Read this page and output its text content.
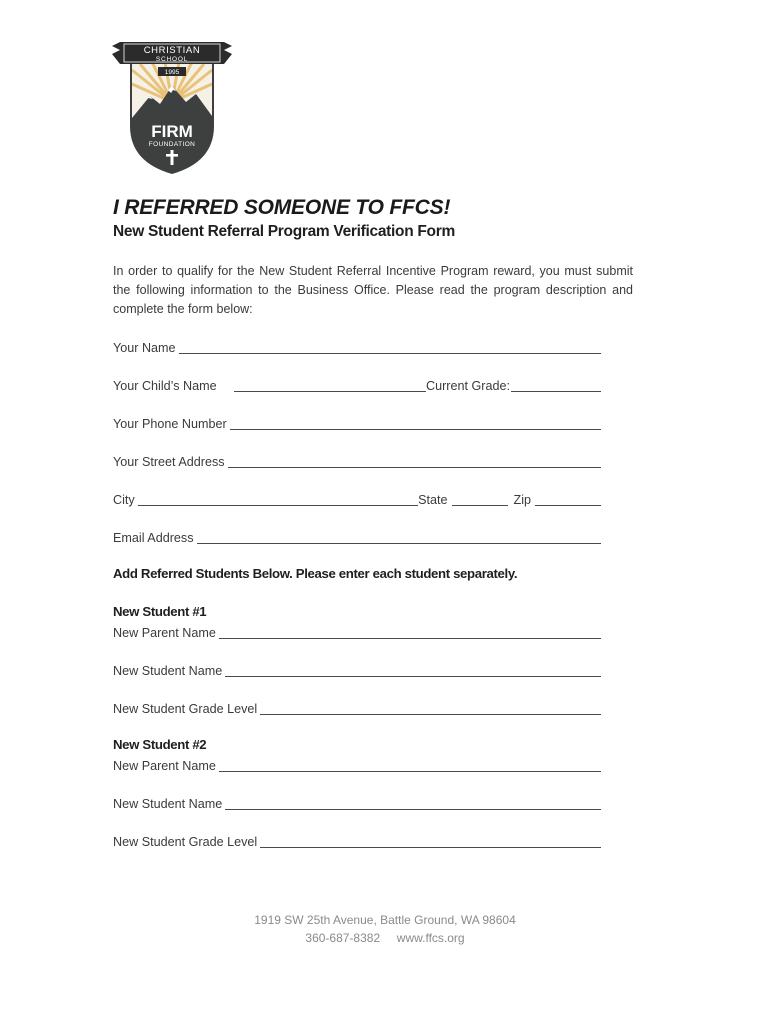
CHRISTIAN
SCHOOL
1995
FIRM
FOUNDATION
I REFERRED SOMEONE TO FFCS!
New Student Referral Program Verification Form

In order to qualify for the New Student Referral Incentive Program reward, you must submit the following information to the Business Office. Please read the program description and complete the form below:

Your Name
Your Child’s Name	Current Grade:
Your Phone Number
Your Street Address
City	State	Zip
Email Address
Add Referred Students Below. Please enter each student separately.
New Student #1
New Parent Name
New Student Name
New Student Grade Level
New Student #2
New Parent Name
New Student Name
New Student Grade Level
1919 SW 25th Avenue, Battle Ground, WA 98604
360-687-8382     www.ffcs.org
